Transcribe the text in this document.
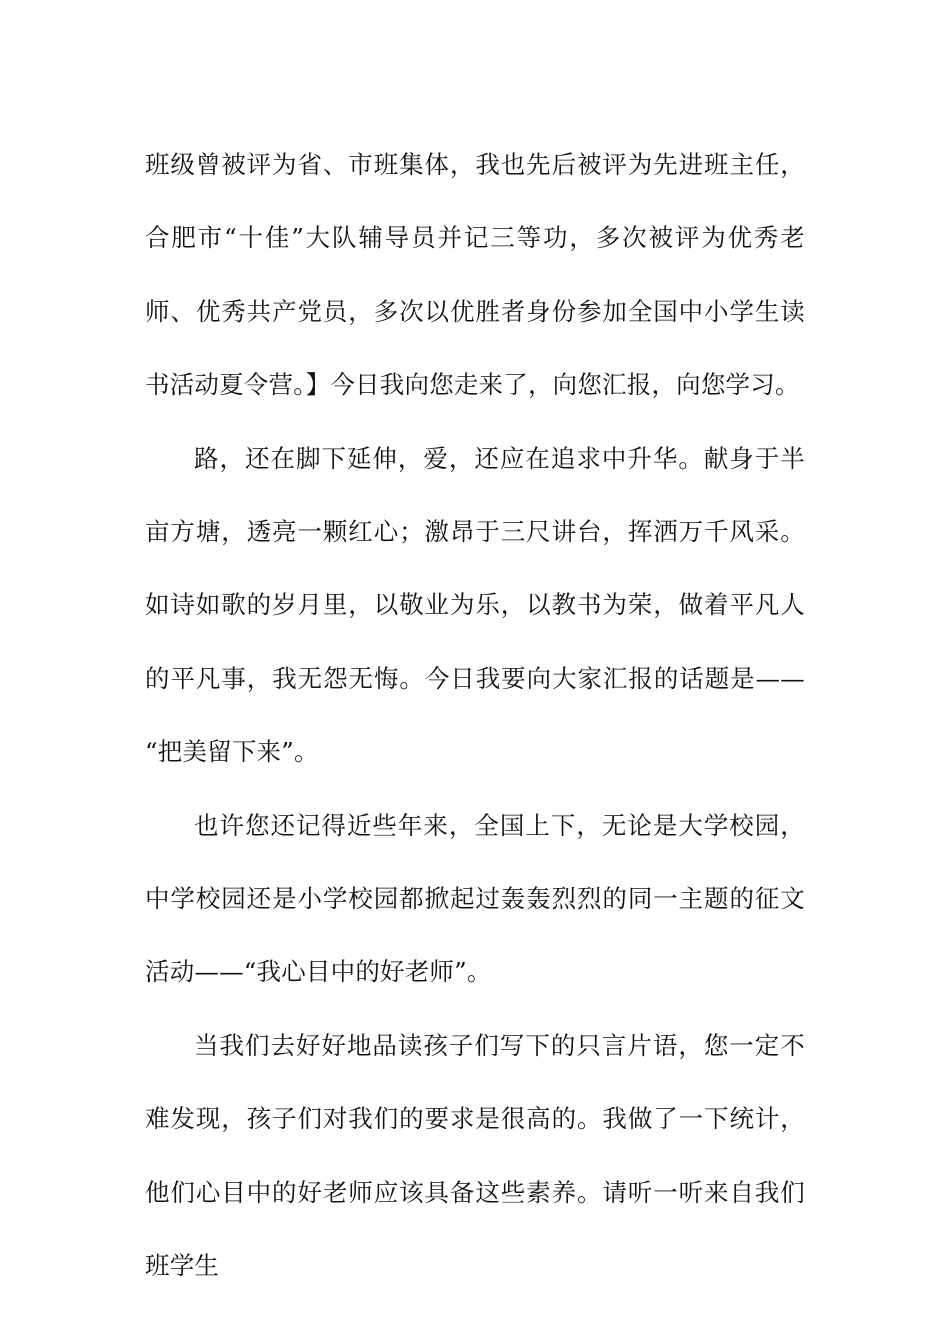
班级曾被评为省、市班集体，我也先后被评为先进班主任，合肥市“十佳”大队辅导员并记三等功，多次被评为优秀老师、优秀共产党员，多次以优胜者身份参加全国中小学生读书活动夏令营。】今日我向您走来了，向您汇报，向您学习。

路，还在脚下延伸，爱，还应在追求中升华。献身于半亩方塘，透亮一颗红心；激昂于三尺讲台，挥洒万千风采。如诗如歌的岁月里，以敬业为乐，以教书为荣，做着平凡人的平凡事，我无怨无悔。今日我要向大家汇报的话题是—— “把美留下来”。

也许您还记得近些年来，全国上下，无论是大学校园，中学校园还是小学校园都掀起过轰轰烈烈的同一主题的征文活动——“我心目中的好老师”。

当我们去好好地品读孩子们写下的只言片语，您一定不难发现，孩子们对我们的要求是很高的。我做了一下统计，他们心目中的好老师应该具备这些素养。请听一听来自我们班学生
